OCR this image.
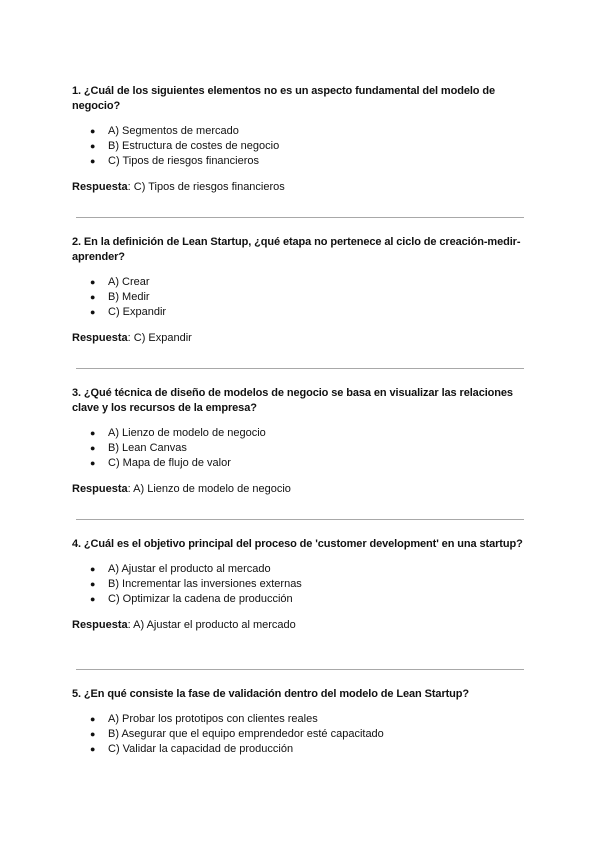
1. ¿Cuál de los siguientes elementos no es un aspecto fundamental del modelo de negocio?

● A) Segmentos de mercado
● B) Estructura de costes de negocio
● C) Tipos de riesgos financieros
Respuesta: C) Tipos de riesgos financieros

2. En la definición de Lean Startup, ¿qué etapa no pertenece al ciclo de creación-medir-aprender?

● A) Crear
● B) Medir
● C) Expandir
Respuesta: C) Expandir

3. ¿Qué técnica de diseño de modelos de negocio se basa en visualizar las relaciones clave y los recursos de la empresa?

● A) Lienzo de modelo de negocio
● B) Lean Canvas
● C) Mapa de flujo de valor
Respuesta: A) Lienzo de modelo de negocio

4. ¿Cuál es el objetivo principal del proceso de 'customer development' en una startup?

● A) Ajustar el producto al mercado
● B) Incrementar las inversiones externas
● C) Optimizar la cadena de producción
Respuesta: A) Ajustar el producto al mercado

5. ¿En qué consiste la fase de validación dentro del modelo de Lean Startup?

● A) Probar los prototipos con clientes reales
● B) Asegurar que el equipo emprendedor esté capacitado
● C) Validar la capacidad de producción
